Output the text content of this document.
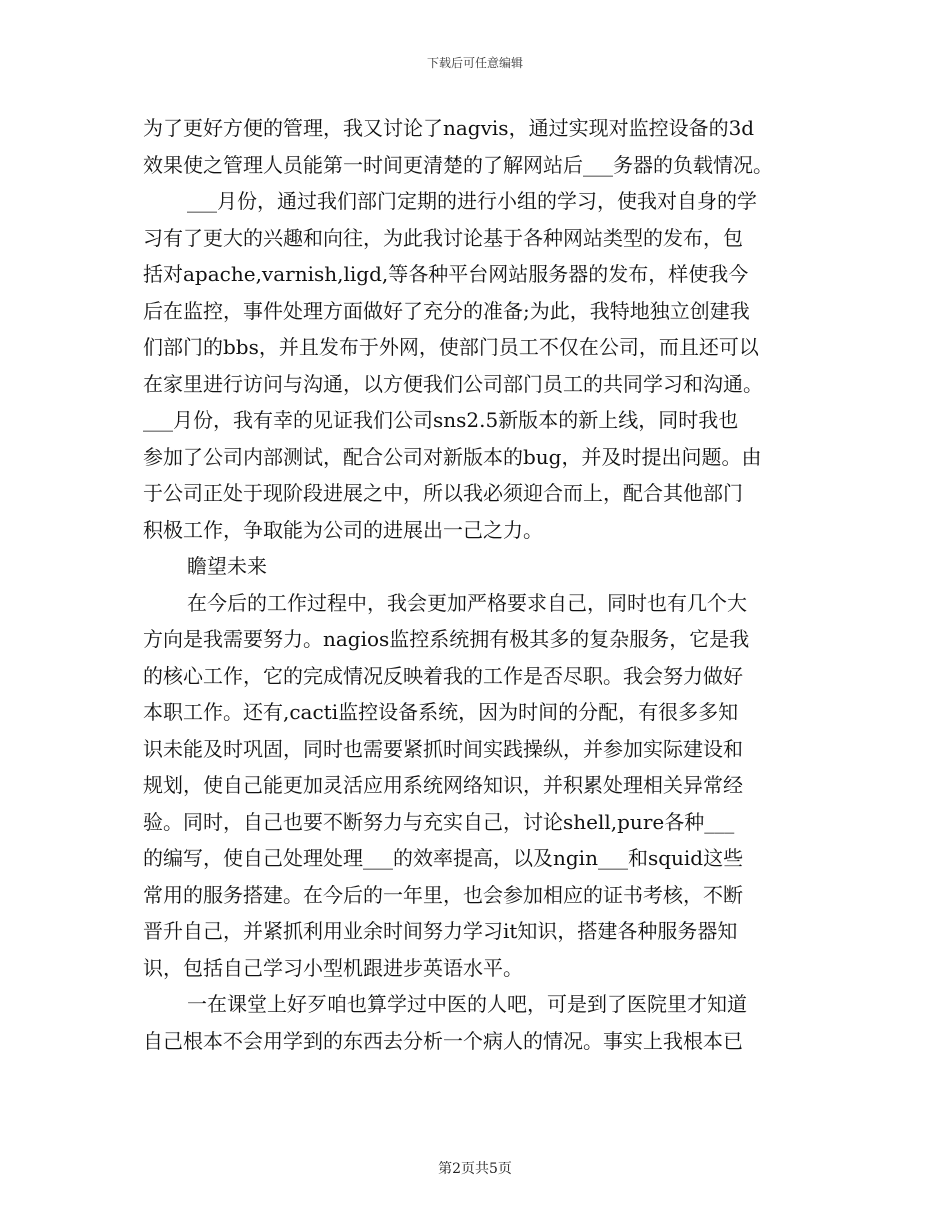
下载后可任意编辑
为了更好方便的管理，我又讨论了nagvis，通过实现对监控设备的3d
效果使之管理人员能第一时间更清楚的了解网站后___务器的负载情况。
___月份，通过我们部门定期的进行小组的学习，使我对自身的学
习有了更大的兴趣和向往，为此我讨论基于各种网站类型的发布，包
括对apache,varnish,ligd,等各种平台网站服务器的发布，样使我今
后在监控，事件处理方面做好了充分的准备;为此，我特地独立创建我
们部门的bbs，并且发布于外网，使部门员工不仅在公司，而且还可以
在家里进行访问与沟通，以方便我们公司部门员工的共同学习和沟通。
___月份，我有幸的见证我们公司sns2.5新版本的新上线，同时我也
参加了公司内部测试，配合公司对新版本的bug，并及时提出问题。由
于公司正处于现阶段进展之中，所以我必须迎合而上，配合其他部门
积极工作，争取能为公司的进展出一己之力。
瞻望未来
在今后的工作过程中，我会更加严格要求自己，同时也有几个大
方向是我需要努力。nagios监控系统拥有极其多的复杂服务，它是我
的核心工作，它的完成情况反映着我的工作是否尽职。我会努力做好
本职工作。还有,cacti监控设备系统，因为时间的分配，有很多多知
识未能及时巩固，同时也需要紧抓时间实践操纵，并参加实际建设和
规划，使自己能更加灵活应用系统网络知识，并积累处理相关异常经
验。同时，自己也要不断努力与充实自己，讨论shell,pure各种___
的编写，使自己处理处理___的效率提高，以及ngin___和squid这些
常用的服务搭建。在今后的一年里，也会参加相应的证书考核，不断
晋升自己，并紧抓利用业余时间努力学习it知识，搭建各种服务器知
识，包括自己学习小型机跟进步英语水平。
一在课堂上好歹咱也算学过中医的人吧，可是到了医院里才知道
自己根本不会用学到的东西去分析一个病人的情况。事实上我根本已
第2页共5页
